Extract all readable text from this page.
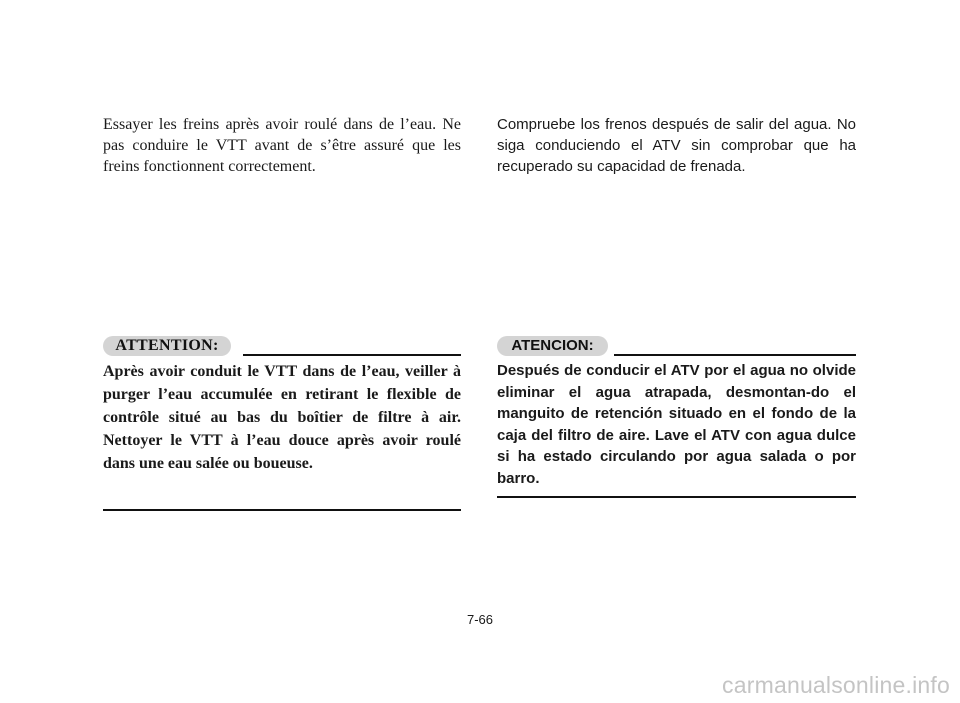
Essayer les freins après avoir roulé dans de l’eau. Ne pas conduire le VTT avant de s’être assuré que les freins fonctionnent correctement.
Compruebe los frenos después de salir del agua. No siga conduciendo el ATV sin comprobar que ha recuperado su capacidad de frenada.
ATTENTION:
Après avoir conduit le VTT dans de l’eau, veiller à purger l’eau accumulée en retirant le flexible de contrôle situé au bas du boîtier de filtre à air. Nettoyer le VTT à l’eau douce après avoir roulé dans une eau salée ou boueuse.
ATENCION:
Después de conducir el ATV por el agua no olvide eliminar el agua atrapada, desmontan-do el manguito de retención situado en el fondo de la caja del filtro de aire. Lave el ATV con agua dulce si ha estado circulando por agua salada o por barro.
7-66
carmanualsonline.info
